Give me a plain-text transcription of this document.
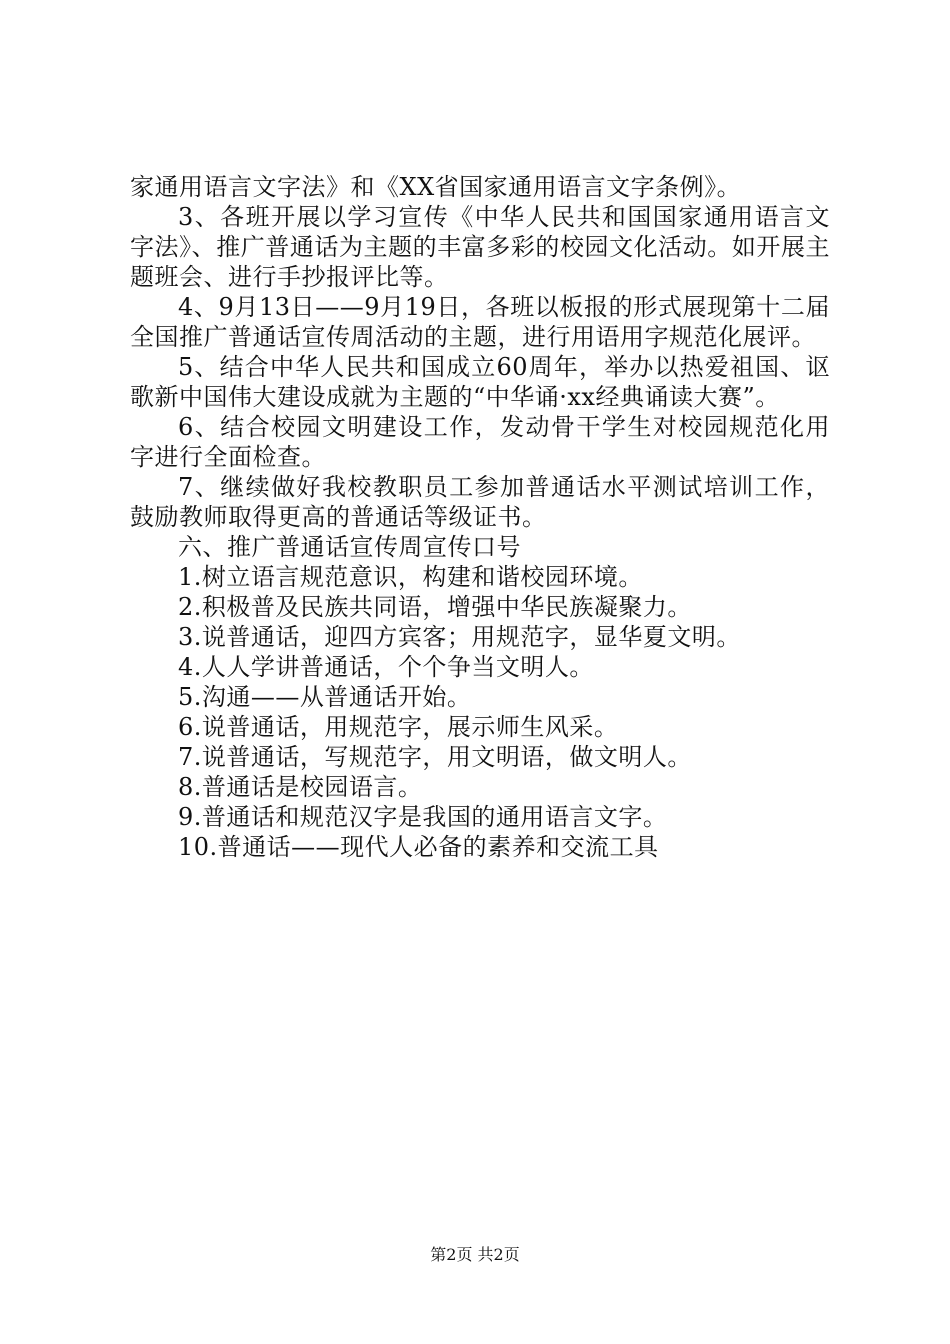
家通用语言文字法》和《XX省国家通用语言文字条例》。

3、各班开展以学习宣传《中华人民共和国国家通用语言文字法》、推广普通话为主题的丰富多彩的校园文化活动。如开展主题班会、进行手抄报评比等。

4、9月13日——9月19日，各班以板报的形式展现第十二届全国推广普通话宣传周活动的主题，进行用语用字规范化展评。

5、结合中华人民共和国成立60周年，举办以热爱祖国、讴歌新中国伟大建设成就为主题的“中华诵·xx经典诵读大赛”。

6、结合校园文明建设工作，发动骨干学生对校园规范化用字进行全面检查。

7、继续做好我校教职员工参加普通话水平测试培训工作，鼓励教师取得更高的普通话等级证书。

六、推广普通话宣传周宣传口号

1.树立语言规范意识，构建和谐校园环境。

2.积极普及民族共同语，增强中华民族凝聚力。

3.说普通话，迎四方宾客；用规范字，显华夏文明。

4.人人学讲普通话，个个争当文明人。

5.沟通——从普通话开始。

6.说普通话，用规范字，展示师生风采。

7.说普通话，写规范字，用文明语，做文明人。

8.普通话是校园语言。

9.普通话和规范汉字是我国的通用语言文字。

10.普通话——现代人必备的素养和交流工具

第2页 共2页
